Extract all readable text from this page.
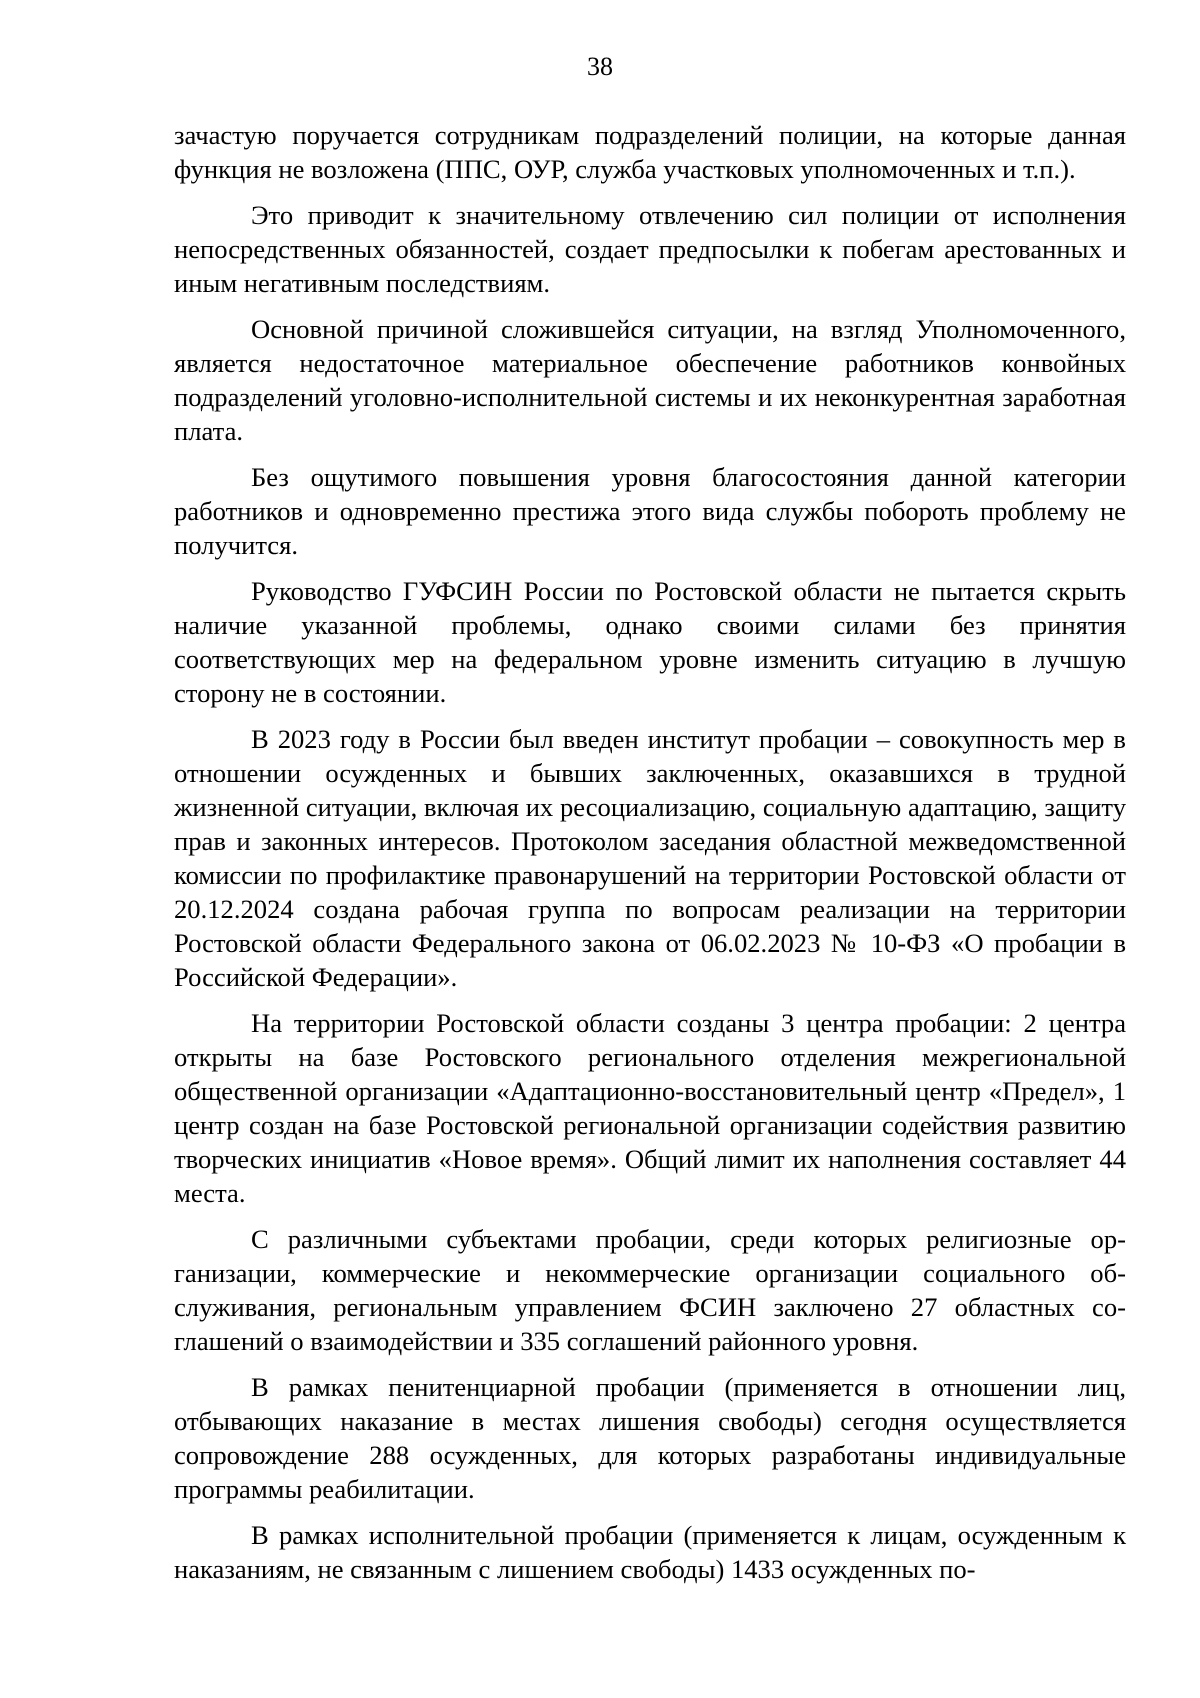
38

зачастую поручается сотрудникам подразделений полиции, на которые данная функция не возложена (ППС, ОУР, служба участковых уполномоченных и т.п.).

Это приводит к значительному отвлечению сил полиции от исполнения непосредственных обязанностей, создает предпосылки к побегам арестованных и иным негативным последствиям.

Основной причиной сложившейся ситуации, на взгляд Уполномоченного, является недостаточное материальное обеспечение работников конвойных подразделений уголовно-исполнительной системы и их неконкурентная заработная плата.

Без ощутимого повышения уровня благосостояния данной категории работников и одновременно престижа этого вида службы побороть проблему не получится.

Руководство ГУФСИН России по Ростовской области не пытается скрыть наличие указанной проблемы, однако своими силами без принятия соответствующих мер на федеральном уровне изменить ситуацию в лучшую сторону не в состоянии.

В 2023 году в России был введен институт пробации – совокупность мер в отношении осужденных и бывших заключенных, оказавшихся в трудной жизненной ситуации, включая их ресоциализацию, социальную адаптацию, защиту прав и законных интересов. Протоколом заседания областной межведомственной комиссии по профилактике правонарушений на территории Ростовской области от 20.12.2024 создана рабочая группа по вопросам реализации на территории Ростовской области Федерального закона от 06.02.2023 № 10-ФЗ «О пробации в Российской Федерации».

На территории Ростовской области созданы 3 центра пробации: 2 центра открыты на базе Ростовского регионального отделения межрегиональной общественной организации «Адаптационно-восстановительный центр «Предел», 1 центр создан на базе Ростовской региональной организации содействия развитию творческих инициатив «Новое время». Общий лимит их наполнения составляет 44 места.

С различными субъектами пробации, среди которых религиозные организации, коммерческие и некоммерческие организации социального обслуживания, региональным управлением ФСИН заключено 27 областных соглашений о взаимодействии и 335 соглашений районного уровня.

В рамках пенитенциарной пробации (применяется в отношении лиц, отбывающих наказание в местах лишения свободы) сегодня осуществляется сопровождение 288 осужденных, для которых разработаны индивидуальные программы реабилитации.

В рамках исполнительной пробации (применяется к лицам, осужденным к наказаниям, не связанным с лишением свободы) 1433 осужденных по-
